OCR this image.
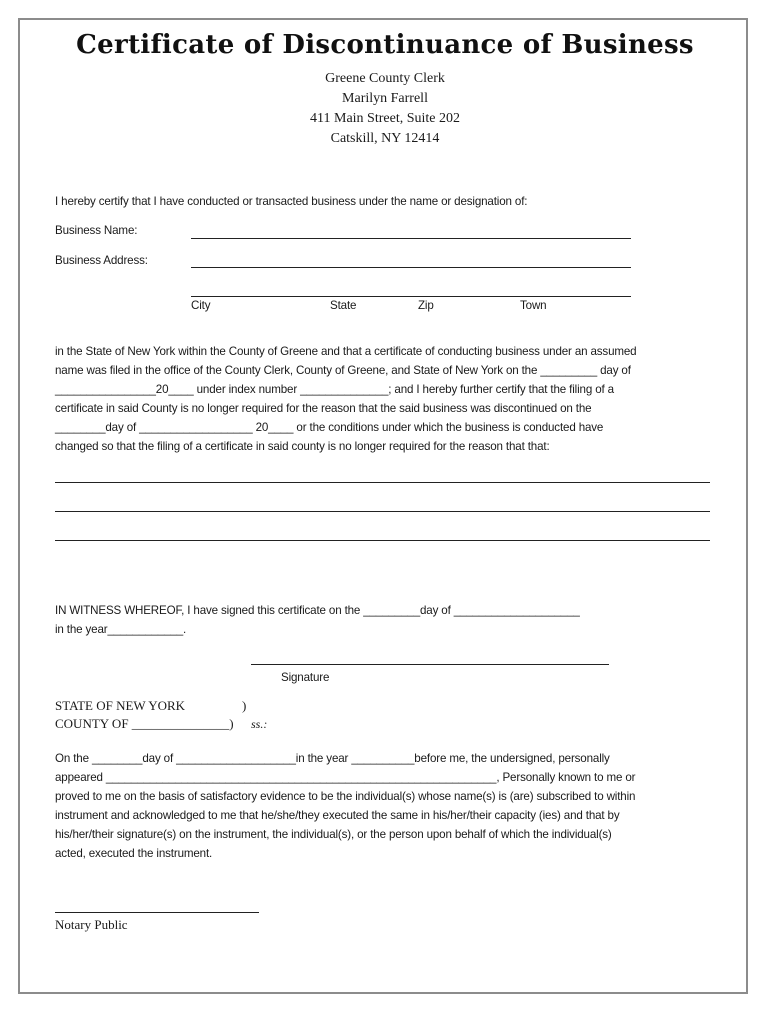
Certificate of Discontinuance of Business
Greene County Clerk
Marilyn Farrell
411 Main Street, Suite 202
Catskill, NY 12414
I hereby certify that I have conducted or transacted business under the name or designation of:
Business Name:
Business Address:
City	State	Zip	Town
in the State of New York within the County of Greene and that a certificate of conducting business under an assumed
name was filed in the office of the County Clerk, County of Greene, and State of New York on the _________ day of
________________20____ under index number ______________; and I hereby further certify that the filing of a
certificate in said County is no longer required for the reason that the said business was discontinued on the
________day of __________________ 20____ or the conditions under which the business is conducted have
changed so that the filing of a certificate in said county is no longer required for the reason that that:
IN WITNESS WHEREOF, I have signed this certificate on the _________day of ____________________
in the year____________.
Signature
STATE OF NEW YORK	)
COUNTY OF _______________) ss.:
On the ________day of ___________________in the year __________before me, the undersigned, personally
appeared ______________________________________________________________, Personally known to me or
proved to me on the basis of satisfactory evidence to be the individual(s) whose name(s) is (are) subscribed to within
instrument and acknowledged to me that he/she/they executed the same in his/her/their capacity (ies) and that by
his/her/their signature(s) on the instrument, the individual(s), or the person upon behalf of which the individual(s)
acted, executed the instrument.
Notary Public
